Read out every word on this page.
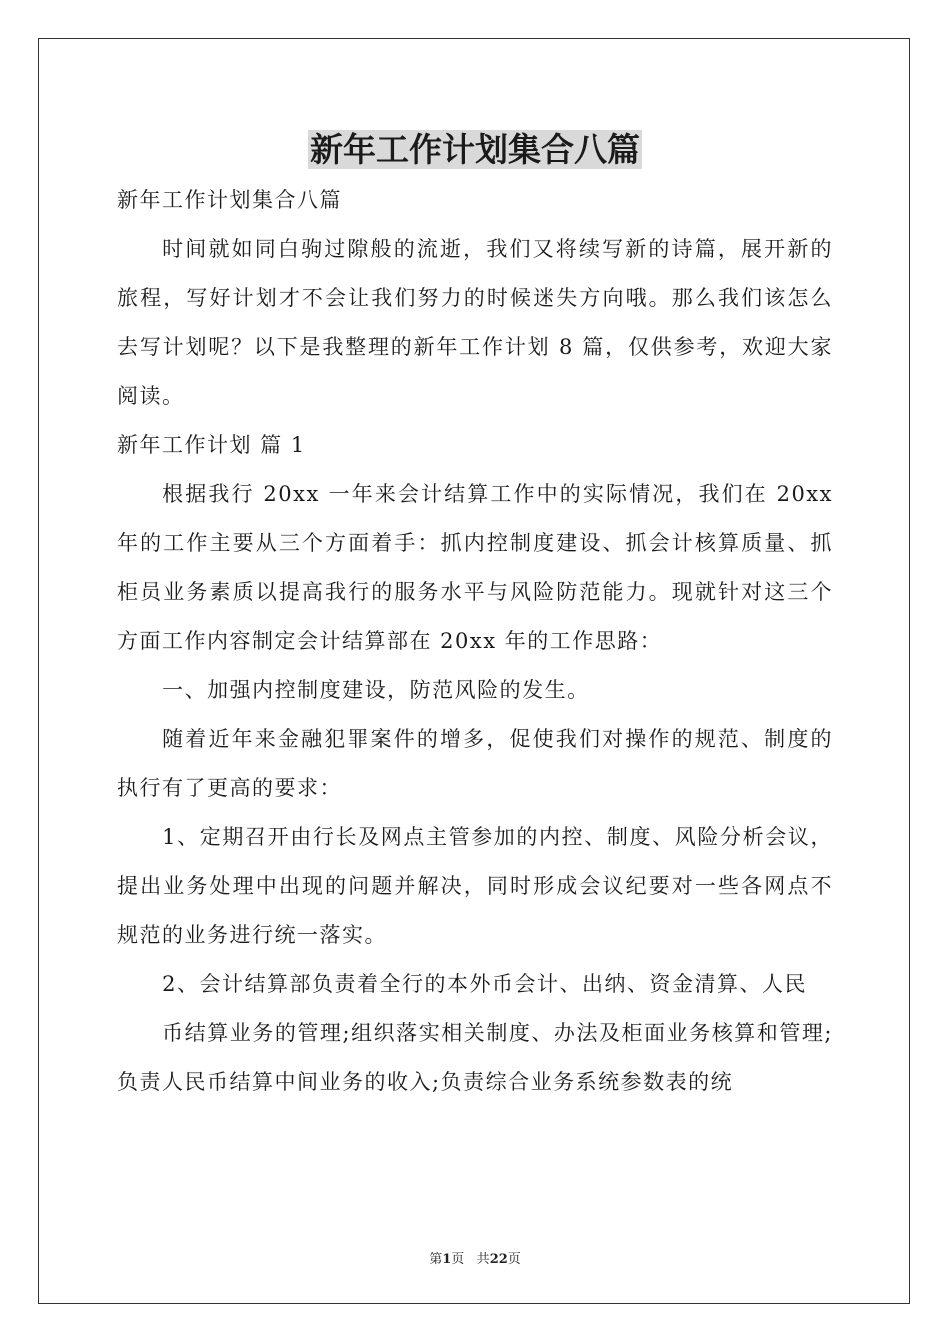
新年工作计划集合八篇

新年工作计划集合八篇

时间就如同白驹过隙般的流逝，我们又将续写新的诗篇，展开新的旅程，写好计划才不会让我们努力的时候迷失方向哦。那么我们该怎么去写计划呢？以下是我整理的新年工作计划 8 篇，仅供参考，欢迎大家阅读。

新年工作计划 篇 1

根据我行 20xx 一年来会计结算工作中的实际情况，我们在 20xx 年的工作主要从三个方面着手：抓内控制度建设、抓会计核算质量、抓柜员业务素质以提高我行的服务水平与风险防范能力。现就针对这三个方面工作内容制定会计结算部在 20xx 年的工作思路：

一、加强内控制度建设，防范风险的发生。

随着近年来金融犯罪案件的增多，促使我们对操作的规范、制度的执行有了更高的要求：

1、定期召开由行长及网点主管参加的内控、制度、风险分析会议，提出业务处理中出现的问题并解决，同时形成会议纪要对一些各网点不规范的业务进行统一落实。

2、会计结算部负责着全行的本外币会计、出纳、资金清算、人民

币结算业务的管理;组织落实相关制度、办法及柜面业务核算和管理;负责人民币结算中间业务的收入;负责综合业务系统参数表的统

第1页 共22页
